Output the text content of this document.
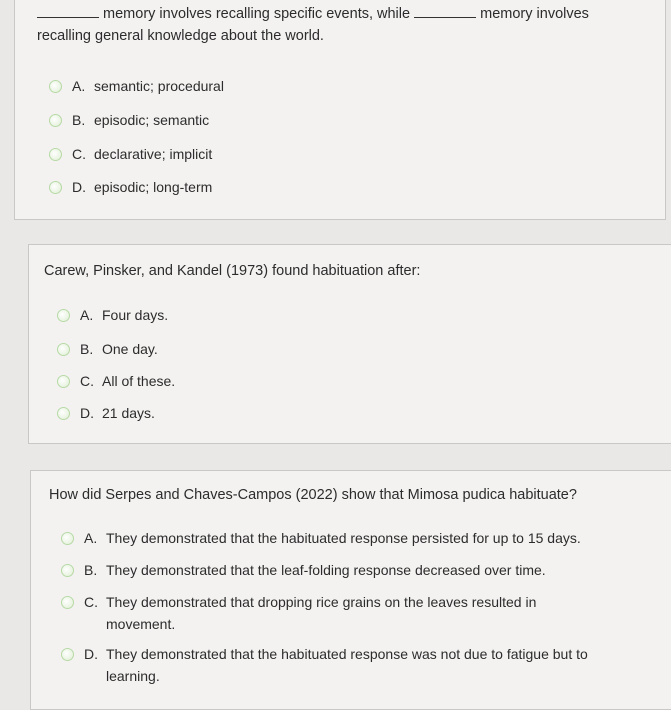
memory involves recalling specific events, while	memory involves
recalling general knowledge about the world.
A. semantic; procedural
B. episodic; semantic
C. declarative; implicit
D. episodic; long-term
Carew, Pinsker, and Kandel (1973) found habituation after:
A. Four days.
B. One day.
C. All of these.
D. 21 days.
How did Serpes and Chaves-Campos (2022) show that Mimosa pudica habituate?
A. They demonstrated that the habituated response persisted for up to 15 days.
B. They demonstrated that the leaf-folding response decreased over time.
C. They demonstrated that dropping rice grains on the leaves resulted in movement.
D. They demonstrated that the habituated response was not due to fatigue but to learning.
